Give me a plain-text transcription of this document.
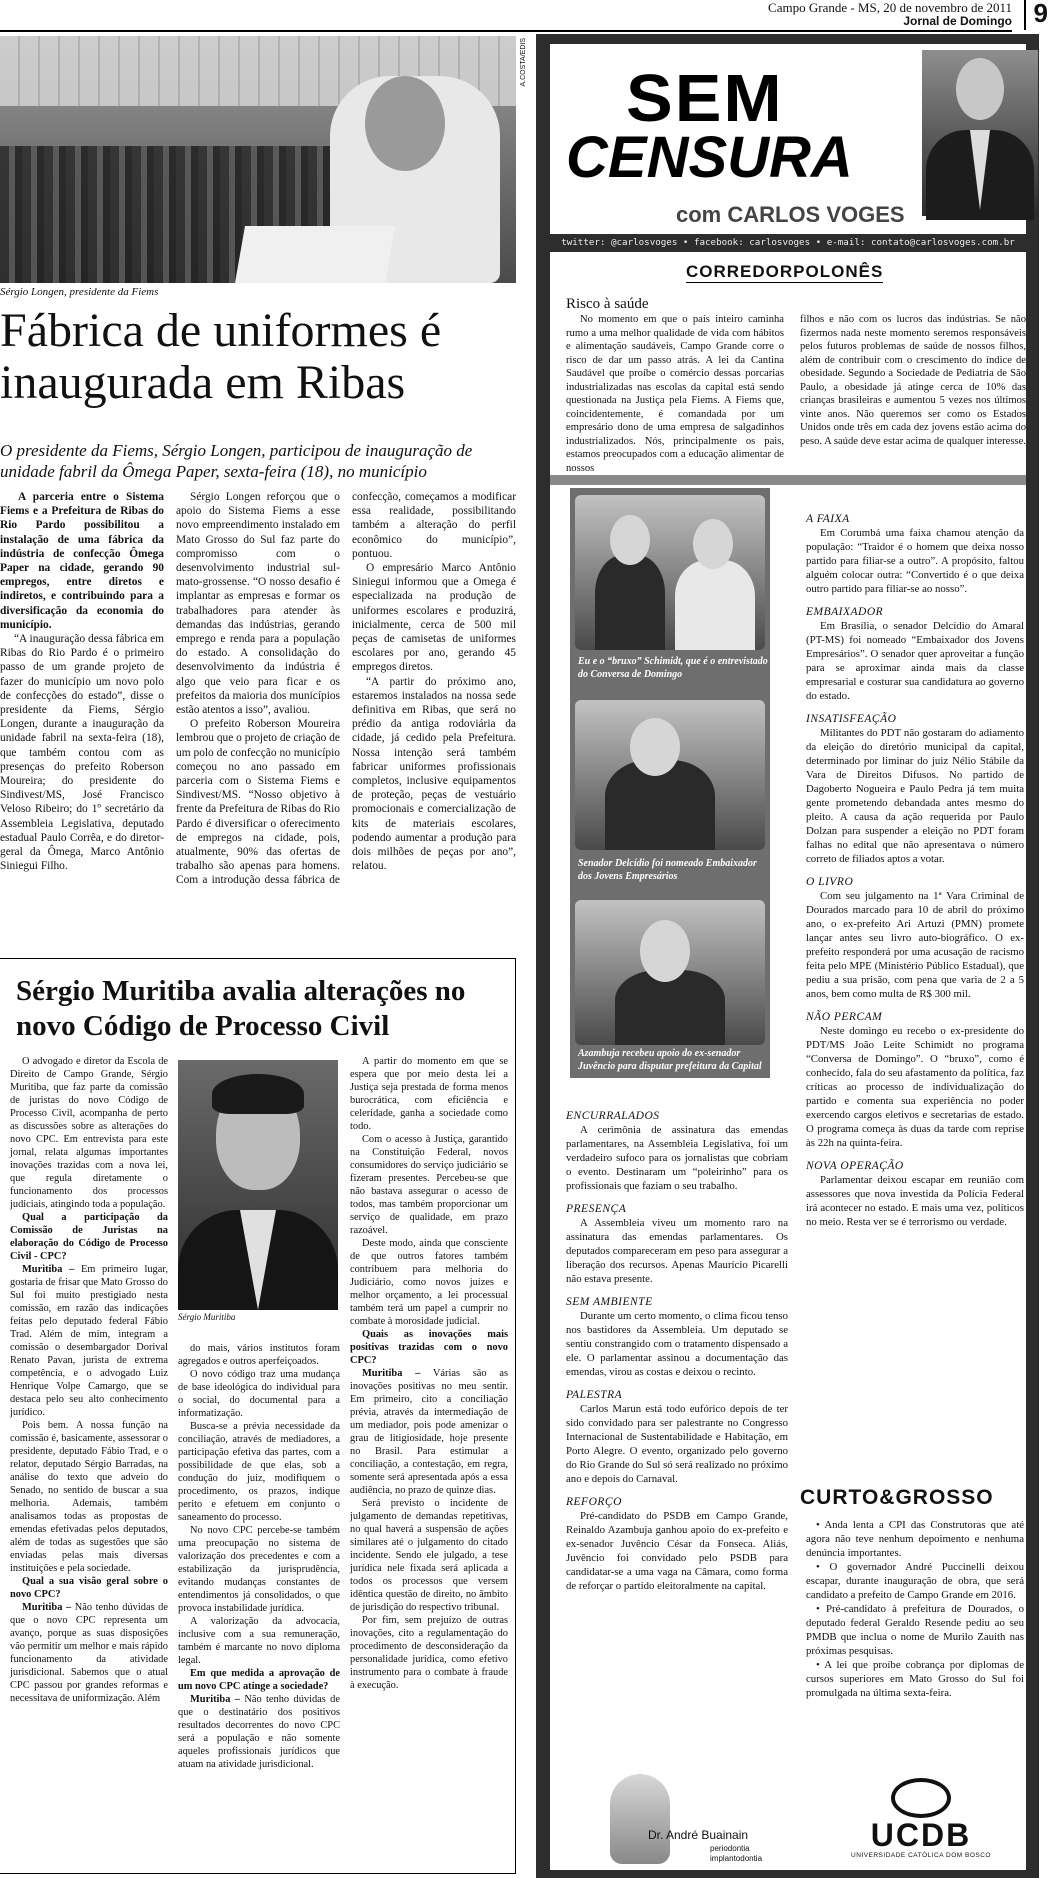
Campo Grande - MS, 20 de novembro de 2011
Jornal de Domingo 9
A.COSTA/EDIS
Sérgio Longen, presidente da Fiems
Fábrica de uniformes é inaugurada em Ribas
O presidente da Fiems, Sérgio Longen, participou de inauguração de unidade fabril da Ômega Paper, sexta-feira (18), no município

A parceria entre o Sistema Fiems e a Prefeitura de Ribas do Rio Pardo possibilitou a instalação de uma fábrica da indústria de confecção Ômega Paper na cidade, gerando 90 empregos, entre diretos e indiretos, e contribuindo para a diversificação da economia do município.

“A inauguração dessa fábrica em Ribas do Rio Pardo é o primeiro passo de um grande projeto de fazer do município um novo polo de confecções do estado”, disse o presidente da Fiems, Sérgio Longen, durante a inauguração da unidade fabril na sexta-feira (18), que também contou com as presenças do prefeito Roberson Moureira; do presidente do Sindivest/MS, José Francisco Veloso Ribeiro; do 1º secretário da Assembleia Legislativa, deputado estadual Paulo Corrêa, e do diretor-geral da Ômega, Marco Antônio Siniegui Filho.

Sérgio Longen reforçou que o apoio do Sistema Fiems a esse novo empreendimento instalado em Mato Grosso do Sul faz parte do compromisso com o desenvolvimento industrial sul-mato-grossense. “O nosso desafio é implantar as empresas e formar os trabalhadores para atender às demandas das indústrias, gerando emprego e renda para a população do estado. A consolidação do desenvolvimento da indústria é algo que veio para ficar e os prefeitos da maioria dos municípios estão atentos a isso”, avaliou.

O prefeito Roberson Moureira lembrou que o projeto de criação de um polo de confecção no município começou no ano passado em parceria com o Sistema Fiems e Sindivest/MS. “Nosso objetivo à frente da Prefeitura de Ribas do Rio Pardo é diversificar o oferecimento de empregos na cidade, pois, atualmente, 90% das ofertas de trabalho são apenas para homens. Com a introdução dessa fábrica de confecção, começamos a modificar essa realidade, possibilitando também a alteração do perfil econômico do município”, pontuou.

O empresário Marco Antônio Siniegui informou que a Omega é especializada na produção de uniformes escolares e produzirá, inicialmente, cerca de 500 mil peças de camisetas de uniformes escolares por ano, gerando 45 empregos diretos.

“A partir do próximo ano, estaremos instalados na nossa sede definitiva em Ribas, que será no prédio da antiga rodoviária da cidade, já cedido pela Prefeitura. Nossa intenção será também fabricar uniformes profissionais completos, inclusive equipamentos de proteção, peças de vestuário promocionais e comercialização de kits de materiais escolares, podendo aumentar a produção para dois milhões de peças por ano”, relatou.

Sérgio Muritiba avalia alterações no novo Código de Processo Civil

O advogado e diretor da Escola de Direito de Campo Grande, Sérgio Muritiba, que faz parte da comissão de juristas do novo Código de Processo Civil, acompanha de perto as discussões sobre as alterações do novo CPC. Em entrevista para este jornal, relata algumas importantes inovações trazidas com a nova lei, que regula diretamente o funcionamento dos processos judiciais, atingindo toda a população.

Qual a participação da Comissão de Juristas na elaboração do Código de Processo Civil - CPC?

Muritiba – Em primeiro lugar, gostaria de frisar que Mato Grosso do Sul foi muito prestigiado nesta comissão, em razão das indicações feitas pelo deputado federal Fábio Trad. Além de mim, integram a comissão o desembargador Dorival Renato Pavan, jurista de extrema competência, e o advogado Luiz Henrique Volpe Camargo, que se destaca pelo seu alto conhecimento jurídico.

Pois bem. A nossa função na comissão é, basicamente, assessorar o presidente, deputado Fábio Trad, e o relator, deputado Sérgio Barradas, na análise do texto que adveio do Senado, no sentido de buscar a sua melhoria. Ademais, também analisamos todas as propostas de emendas efetivadas pelos deputados, além de todas as sugestões que são enviadas pelas mais diversas instituições e pela sociedade.

Qual a sua visão geral sobre o novo CPC?

Muritiba – Não tenho dúvidas de que o novo CPC representa um avanço, porque as suas disposições vão permitir um melhor e mais rápido funcionamento da atividade jurisdicional. Sabemos que o atual CPC passou por grandes reformas e necessitava de uniformização. Além

Sérgio Muritiba

do mais, vários institutos foram agregados e outros aperfeiçoados.

O novo código traz uma mudança de base ideológica do individual para o social, do documental para a informatização.

Busca-se a prévia necessidade da conciliação, através de mediadores, a participação efetiva das partes, com a possibilidade de que elas, sob a condução do juiz, modifiquem o procedimento, os prazos, indique perito e efetuem em conjunto o saneamento do processo.

No novo CPC percebe-se também uma preocupação no sistema de valorização dos precedentes e com a estabilização da jurisprudência, evitando mudanças constantes de entendimentos já consolidados, o que provoca instabilidade jurídica.

A valorização da advocacia, inclusive com a sua remuneração, também é marcante no novo diploma legal.

Em que medida a aprovação de um novo CPC atinge a sociedade?

Muritiba – Não tenho dúvidas de que o destinatário dos positivos resultados decorrentes do novo CPC será a população e não somente aqueles profissionais jurídicos que atuam na atividade jurisdicional.

A partir do momento em que se espera que por meio desta lei a Justiça seja prestada de forma menos burocrática, com eficiência e celeridade, ganha a sociedade como todo.

Com o acesso à Justiça, garantido na Constituição Federal, novos consumidores do serviço judiciário se fizeram presentes. Percebeu-se que não bastava assegurar o acesso de todos, mas também proporcionar um serviço de qualidade, em prazo razoável.

Deste modo, ainda que consciente de que outros fatores também contribuem para melhoria do Judiciário, como novos juízes e melhor orçamento, a lei processual também terá um papel a cumprir no combate à morosidade judicial.

Quais as inovações mais positivas trazidas com o novo CPC?

Muritiba – Várias são as inovações positivas no meu sentir. Em primeiro, cito a conciliação prévia, através da intermediação de um mediador, pois pode amenizar o grau de litigiosidade, hoje presente no Brasil. Para estimular a conciliação, a contestação, em regra, somente será apresentada após a essa audiência, no prazo de quinze dias.

Será previsto o incidente de julgamento de demandas repetitivas, no qual haverá a suspensão de ações similares até o julgamento do citado incidente. Sendo ele julgado, a tese jurídica nele fixada será aplicada a todos os processos que versem idêntica questão de direito, no âmbito de jurisdição do respectivo tribunal.

Por fim, sem prejuízo de outras inovações, cito a regulamentação do procedimento de desconsideração da personalidade jurídica, como efetivo instrumento para o combate à fraude à execução.

SEM
CENSURA
com CARLOS VOGES
twitter: @carlosvoges • facebook: carlosvoges • e-mail: contato@carlosvoges.com.br
CORREDORPOLONÊS
Risco à saúde

No momento em que o país inteiro caminha rumo a uma melhor qualidade de vida com hábitos e alimentação saudáveis, Campo Grande corre o risco de dar um passo atrás. A lei da Cantina Saudável que proíbe o comércio dessas porcarias industrializadas nas escolas da capital está sendo questionada na Justiça pela Fiems. A Fiems que, coincidentemente, é comandada por um empresário dono de uma empresa de salgadinhos industrializados. Nós, principalmente os pais, estamos preocupados com a educação alimentar de nossos

filhos e não com os lucros das indústrias. Se não fizermos nada neste momento seremos responsáveis pelos futuros problemas de saúde de nossos filhos, além de contribuir com o crescimento do índice de obesidade. Segundo a Sociedade de Pediatria de São Paulo, a obesidade já atinge cerca de 10% das crianças brasileiras e aumentou 5 vezes nos últimos vinte anos. Não queremos ser como os Estados Unidos onde três em cada dez jovens estão acima do peso. A saúde deve estar acima de qualquer interesse.

Eu e o “bruxo” Schimidt, que é o entrevistado do Conversa de Domingo
Senador Delcídio foi nomeado Embaixador dos Jovens Empresários
Azambuja recebeu apoio do ex-senador Juvêncio para disputar prefeitura da Capital
A FAIXA

Em Corumbá uma faixa chamou atenção da população: “Traidor é o homem que deixa nosso partido para filiar-se a outro”. A propósito, faltou alguém colocar outra: “Convertido é o que deixa outro partido para filiar-se ao nosso”.

EMBAIXADOR

Em Brasília, o senador Delcídio do Amaral (PT-MS) foi nomeado “Embaixador dos Jovens Empresários”. O senador quer aproveitar a função para se aproximar ainda mais da classe empresarial e costurar sua candidatura ao governo do estado.

INSATISFEAÇÃO

Militantes do PDT não gostaram do adiamento da eleição do diretório municipal da capital, determinado por liminar do juiz Nélio Stábile da Vara de Direitos Difusos. No partido de Dagoberto Nogueira e Paulo Pedra já tem muita gente prometendo debandada antes mesmo do pleito. A causa da ação requerida por Paulo Dolzan para suspender a eleição no PDT foram falhas no edital que não apresentava o número correto de filiados aptos a votar.

O LIVRO

Com seu julgamento na 1ª Vara Criminal de Dourados marcado para 10 de abril do próximo ano, o ex-prefeito Ari Artuzi (PMN) promete lançar antes seu livro auto-biográfico. O ex-prefeito responderá por uma acusação de racismo feita pelo MPE (Ministério Público Estadual), que pediu a sua prisão, com pena que varia de 2 a 5 anos, bem como multa de R$ 300 mil.

NÃO PERCAM

Neste domingo eu recebo o ex-presidente do PDT/MS João Leite Schimidt no programa “Conversa de Domingo”. O “bruxo”, como é conhecido, fala do seu afastamento da política, faz críticas ao processo de individualização do partido e comenta sua experiência no poder exercendo cargos eletivos e secretarias de estado. O programa começa às duas da tarde com reprise às 22h na quinta-feira.

NOVA OPERAÇÃO

Parlamentar deixou escapar em reunião com assessores que nova investida da Polícia Federal irá acontecer no estado. E mais uma vez, políticos no meio. Resta ver se é terrorismo ou verdade.

ENCURRALADOS

A cerimônia de assinatura das emendas parlamentares, na Assembleia Legislativa, foi um verdadeiro sufoco para os jornalistas que cobriam o evento. Destinaram um “poleirinho” para os profissionais que faziam o seu trabalho.

PRESENÇA

A Assembleia viveu um momento raro na assinatura das emendas parlamentares. Os deputados compareceram em peso para assegurar a liberação dos recursos. Apenas Maurício Picarelli não estava presente.

SEM AMBIENTE

Durante um certo momento, o clima ficou tenso nos bastidores da Assembleia. Um deputado se sentiu constrangido com o tratamento dispensado a ele. O parlamentar assinou a documentação das emendas, virou as costas e deixou o recinto.

PALESTRA

Carlos Marun está todo eufórico depois de ter sido convidado para ser palestrante no Congresso Internacional de Sustentabilidade e Habitação, em Porto Alegre. O evento, organizado pelo governo do Rio Grande do Sul só será realizado no próximo ano e depois do Carnaval.

REFORÇO

Pré-candidato do PSDB em Campo Grande, Reinaldo Azambuja ganhou apoio do ex-prefeito e ex-senador Juvêncio César da Fonseca. Aliás, Juvêncio foi convidado pelo PSDB para candidatar-se a uma vaga na Câmara, como forma de reforçar o partido eleitoralmente na capital.

CURTO&GROSSO

• Anda lenta a CPI das Construtoras que até agora não teve nenhum depoimento e nenhuma denúncia importantes.

• O governador André Puccinelli deixou escapar, durante inauguração de obra, que será candidato a prefeito de Campo Grande em 2016.

• Pré-candidato à prefeitura de Dourados, o deputado federal Geraldo Resende pediu ao seu PMDB que inclua o nome de Murilo Zauith nas próximas pesquisas.

• A lei que proíbe cobrança por diplomas de cursos superiores em Mato Grosso do Sul foi promulgada na última sexta-feira.

Dr. André Buainain
periodontia
implantodontia
UCDB
UNIVERSIDADE CATÓLICA DOM BOSCO
